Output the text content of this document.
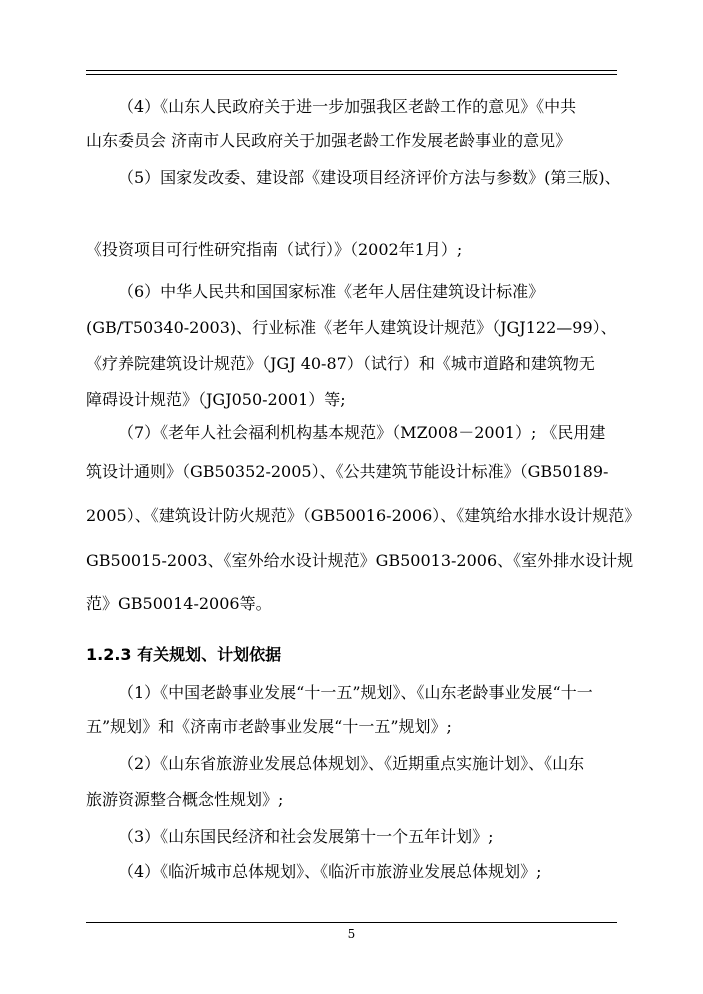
（4）《山东人民政府关于进一步加强我区老龄工作的意见》《中共
山东委员会 济南市人民政府关于加强老龄工作发展老龄事业的意见》
（5）国家发改委、建设部《建设项目经济评价方法与参数》(第三版)、
《投资项目可行性研究指南（试行）》（2002年1月）;
（6）中华人民共和国国家标准《老年人居住建筑设计标准》
(GB/T50340-2003)、行业标准《老年人建筑设计规范》（JGJ122—99）、
《疗养院建筑设计规范》（JGJ 40-87）（试行）和《城市道路和建筑物无
障碍设计规范》（JGJ050-2001）等;
（7）《老年人社会福利机构基本规范》（MZ008－2001）; 《民用建
筑设计通则》（GB50352-2005）、《公共建筑节能设计标准》（GB50189-
2005）、《建筑设计防火规范》（GB50016-2006）、《建筑给水排水设计规范》
GB50015-2003、《室外给水设计规范》GB50013-2006、《室外排水设计规
范》GB50014-2006等。
1.2.3 有关规划、计划依据
（1）《中国老龄事业发展“十一五”规划》、《山东老龄事业发展“十一
五”规划》和《济南市老龄事业发展“十一五”规划》;
（2）《山东省旅游业发展总体规划》、《近期重点实施计划》、《山东
旅游资源整合概念性规划》;
（3）《山东国民经济和社会发展第十一个五年计划》;
（4）《临沂城市总体规划》、《临沂市旅游业发展总体规划》;
5
